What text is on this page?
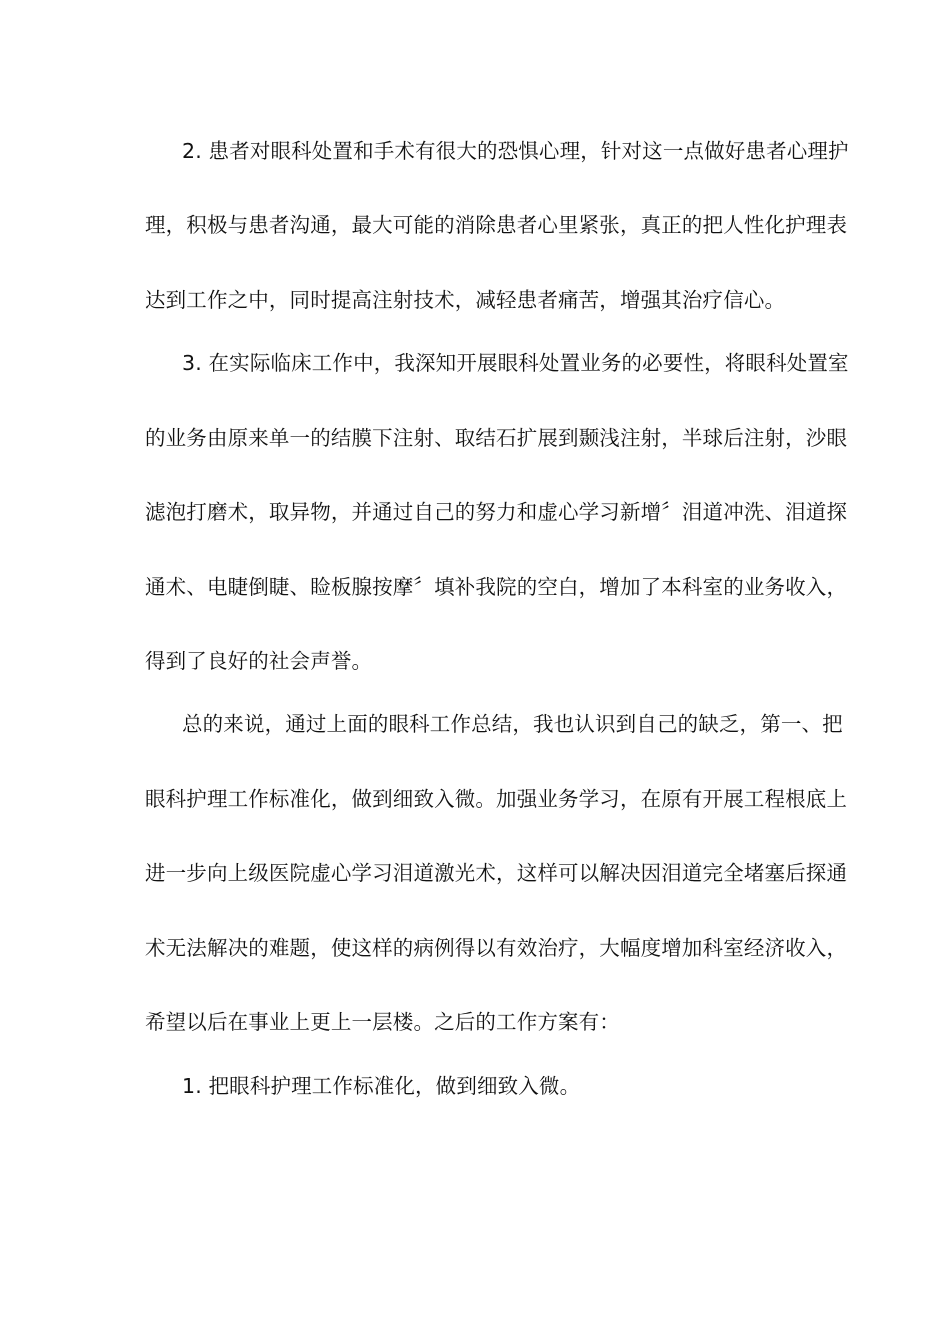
2. 患者对眼科处置和手术有很大的恐惧心理，针对这一点做好患者心理护
理，积极与患者沟通，最大可能的消除患者心里紧张，真正的把人性化护理表
达到工作之中，同时提高注射技术，减轻患者痛苦，增强其治疗信心。
3. 在实际临床工作中，我深知开展眼科处置业务的必要性，将眼科处置室
的业务由原来单一的结膜下注射、取结石扩展到颞浅注射，半球后注射，沙眼
滤泡打磨术，取异物，并通过自己的努力和虚心学习新增〞泪道冲洗、泪道探
通术、电睫倒睫、睑板腺按摩〞填补我院的空白，增加了本科室的业务收入，
得到了良好的社会声誉。
总的来说，通过上面的眼科工作总结，我也认识到自己的缺乏，第一、把
眼科护理工作标准化，做到细致入微。加强业务学习，在原有开展工程根底上
进一步向上级医院虚心学习泪道激光术，这样可以解决因泪道完全堵塞后探通
术无法解决的难题，使这样的病例得以有效治疗，大幅度增加科室经济收入，
希望以后在事业上更上一层楼。之后的工作方案有：
1. 把眼科护理工作标准化，做到细致入微。
